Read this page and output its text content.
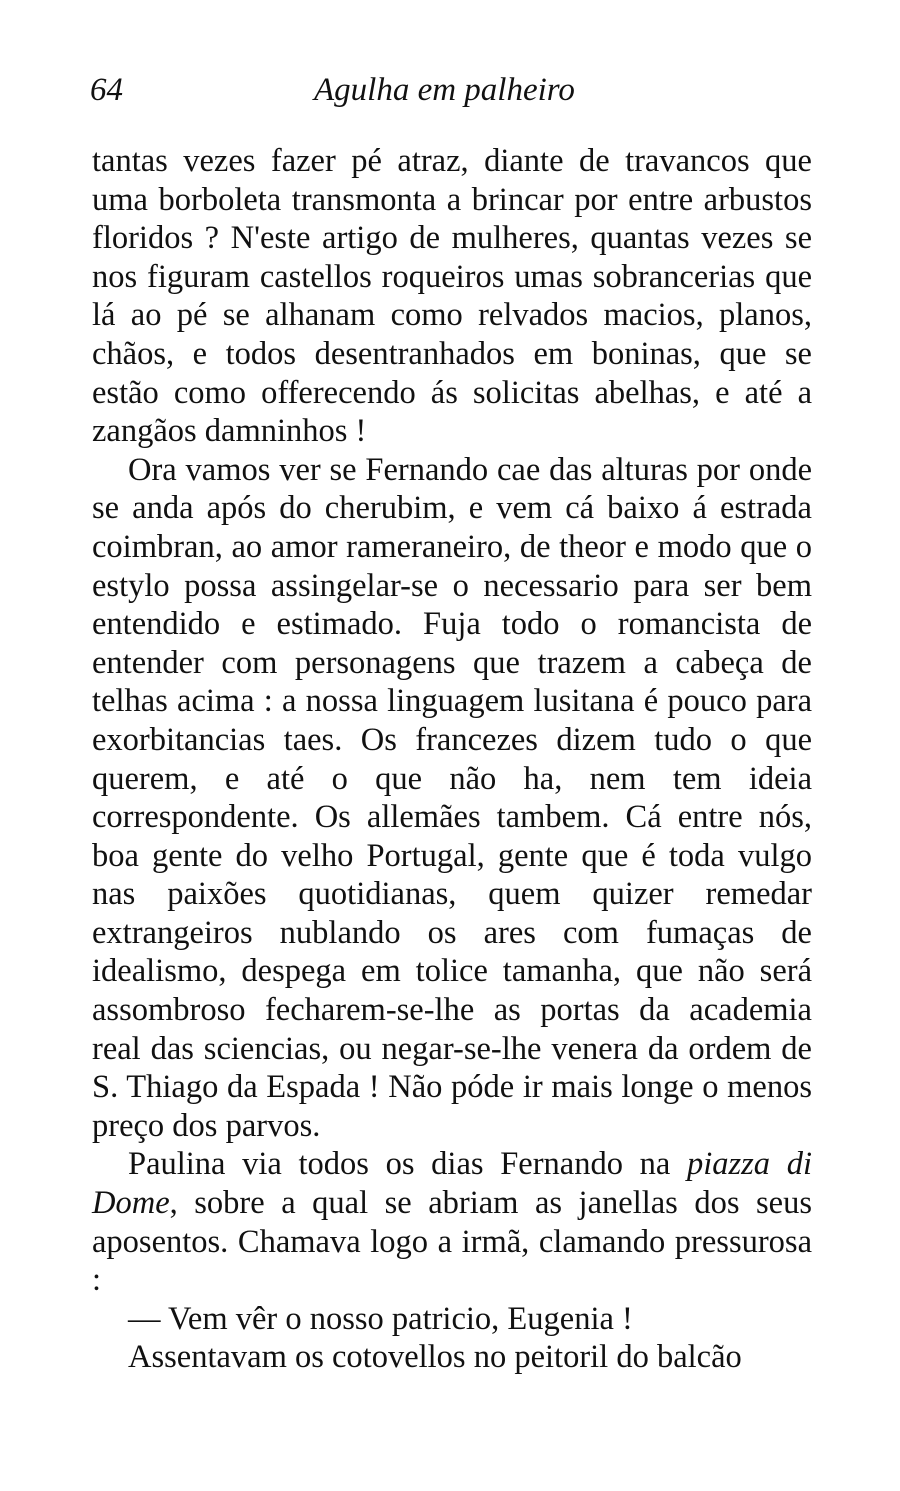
64	Agulha em palheiro

tantas vezes fazer pé atraz, diante de travancos que uma borboleta transmonta a brincar por entre arbustos floridos ? N'este artigo de mulheres, quantas vezes se nos figuram castellos roqueiros umas sobrancerias que lá ao pé se alhanam como relvados macios, planos, chãos, e todos desentranhados em boninas, que se estão como offerecendo ás solicitas abelhas, e até a zangãos damninhos !

Ora vamos ver se Fernando cae das alturas por onde se anda após do cherubim, e vem cá baixo á estrada coimbran, ao amor rameraneiro, de theor e modo que o estylo possa assingelar-se o necessario para ser bem entendido e estimado. Fuja todo o romancista de entender com personagens que trazem a cabeça de telhas acima : a nossa linguagem lusitana é pouco para exorbitancias taes. Os francezes dizem tudo o que querem, e até o que não ha, nem tem ideia correspondente. Os allemães tambem. Cá entre nós, boa gente do velho Portugal, gente que é toda vulgo nas paixões quotidianas, quem quizer remedar extrangeiros nublando os ares com fumaças de idealismo, despega em tolice tamanha, que não será assombroso fecharem-se-lhe as portas da academia real das sciencias, ou negar-se-lhe venera da ordem de S. Thiago da Espada ! Não póde ir mais longe o menos preço dos parvos.

Paulina via todos os dias Fernando na piazza di Dome, sobre a qual se abriam as janellas dos seus aposentos. Chamava logo a irmã, clamando pressurosa :

— Vem vêr o nosso patricio, Eugenia !

Assentavam os cotovellos no peitoril do balcão
